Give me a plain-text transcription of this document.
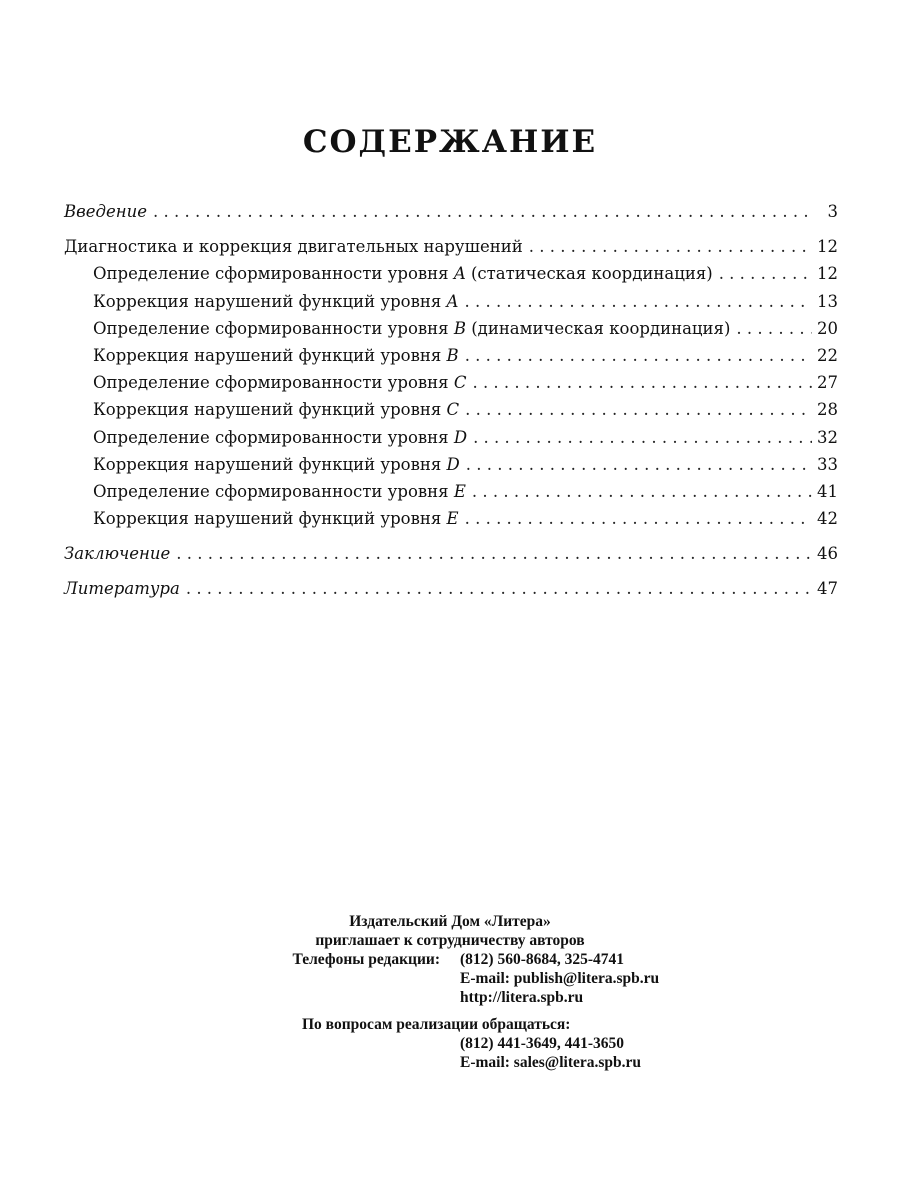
СОДЕРЖАНИЕ
Введение . . .	3
Диагностика и коррекция двигательных нарушений . . .	12
Определение сформированности уровня A (статическая координация) . . .	12
Коррекция нарушений функций уровня A . . .	13
Определение сформированности уровня B (динамическая координация) . . .	20
Коррекция нарушений функций уровня B . . .	22
Определение сформированности уровня C . . .	27
Коррекция нарушений функций уровня C . . .	28
Определение сформированности уровня D . . .	32
Коррекция нарушений функций уровня D . . .	33
Определение сформированности уровня E . . .	41
Коррекция нарушений функций уровня E . . .	42
Заключение . . .	46
Литература . . .	47
Издательский Дом «Литера»
приглашает к сотрудничеству авторов
Телефоны редакции:	(812) 560-8684, 325-4741
E-mail: publish@litera.spb.ru
http://litera.spb.ru
По вопросам реализации обращаться:
(812) 441-3649, 441-3650
E-mail: sales@litera.spb.ru
